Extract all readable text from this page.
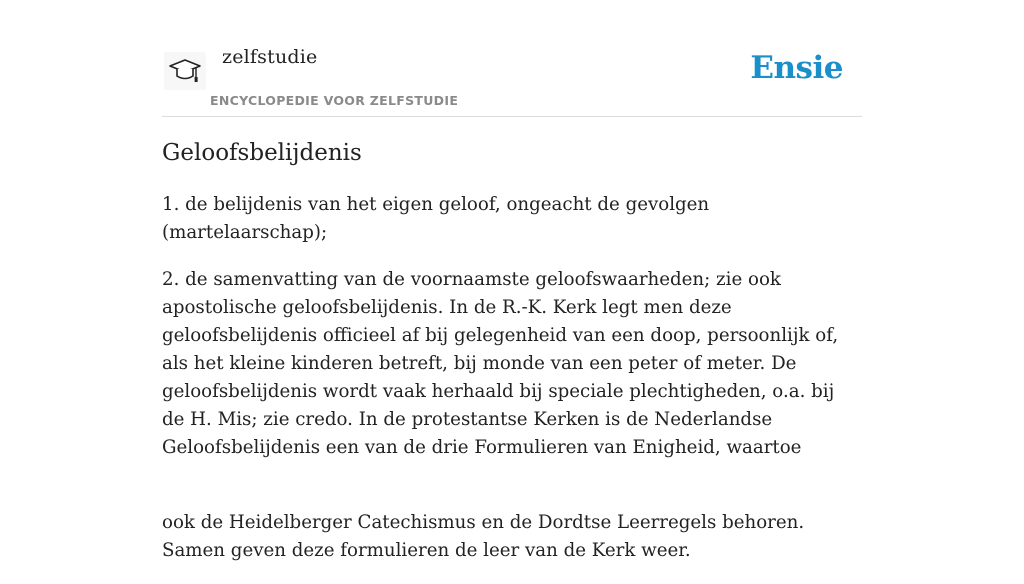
zelfstudie
ENCYCLOPEDIE VOOR ZELFSTUDIE
Ensie
Geloofsbelijdenis

1. de belijdenis van het eigen geloof, ongeacht de gevolgen (martelaarschap);

2. de samenvatting van de voornaamste geloofswaarheden; zie ook apostolische geloofsbelijdenis. In de R.-K. Kerk legt men deze geloofsbelijdenis officieel af bij gelegenheid van een doop, persoonlijk of, als het kleine kinderen betreft, bij monde van een peter of meter. De geloofsbelijdenis wordt vaak herhaald bij speciale plechtigheden, o.a. bij de H. Mis; zie credo. In de protestantse Kerken is de Nederlandse Geloofsbelijdenis een van de drie Formulieren van Enigheid, waartoe

ook de Heidelberger Catechismus en de Dordtse Leerregels behoren. Samen geven deze formulieren de leer van de Kerk weer.
